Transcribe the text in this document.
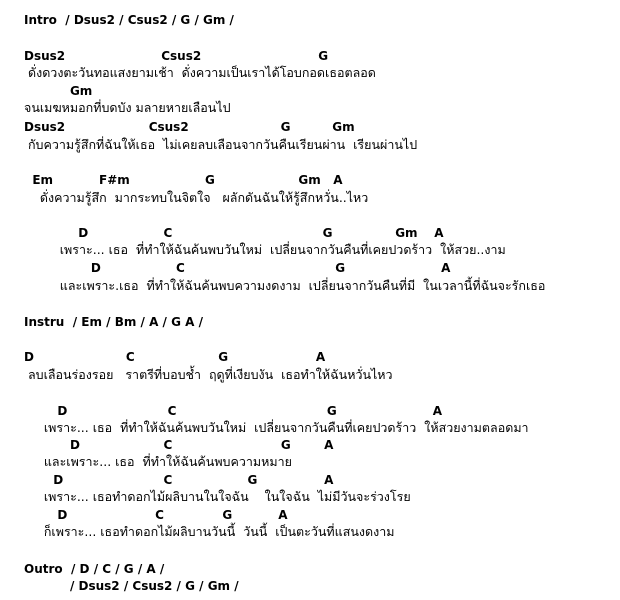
Intro  / Dsus2 / Csus2 / G / Gm /
Dsus2                       Csus2                            G
ดั่งดวงตะวันทอแสงยามเช้า  ดั่งความเป็นเราได้โอบกอดเธอตลอด
Gm
จนเมฆหมอกที่บดบัง มลายหายเลือนไป
Dsus2                    Csus2                      G          Gm
กับความรู้สึกที่ฉันให้เธอ  ไม่เคยลบเลือนจากวันคืนเรียนผ่าน  เรียนผ่านไป
Em           F#m                  G                    Gm   A
ดั่งความรู้สึก  มากระทบในจิตใจ   ผลักดันฉันให้รู้สึกหวั่น..ไหว
D                  C                                    G               Gm    A
เพราะ... เธอ  ที่ทำให้ฉันค้นพบวันใหม่  เปลี่ยนจากวันคืนที่เคยปวดร้าว  ให้สวย..งาม
D                  C                                    G                       A
และเพราะ.เธอ  ที่ทำให้ฉันค้นพบความงดงาม  เปลี่ยนจากวันคืนที่มี  ในเวลานี้ที่ฉันจะรักเธอ
Instru  / Em / Bm / A / G A /
D                      C                    G                     A
ลบเลือนร่องรอย   ราตรีที่บอบช้ำ  ฤดูที่เงียบงัน  เธอทำให้ฉันหวั่นไหว
D                        C                                    G                       A
เพราะ... เธอ  ที่ทำให้ฉันค้นพบวันใหม่  เปลี่ยนจากวันคืนที่เคยปวดร้าว  ให้สวยงามตลอดมา
D                    C                          G        A
และเพราะ... เธอ  ที่ทำให้ฉันค้นพบความหมาย
D                        C                  G                A
เพราะ... เธอทำดอกไม้ผลิบานในใจฉัน    ในใจฉัน  ไม่มีวันจะร่วงโรย
D                     C              G           A
ก็เพราะ... เธอทำดอกไม้ผลิบานวันนี้  วันนี้  เป็นตะวันที่แสนงดงาม
Outro  / D / C / G / A /
/ Dsus2 / Csus2 / G / Gm /
